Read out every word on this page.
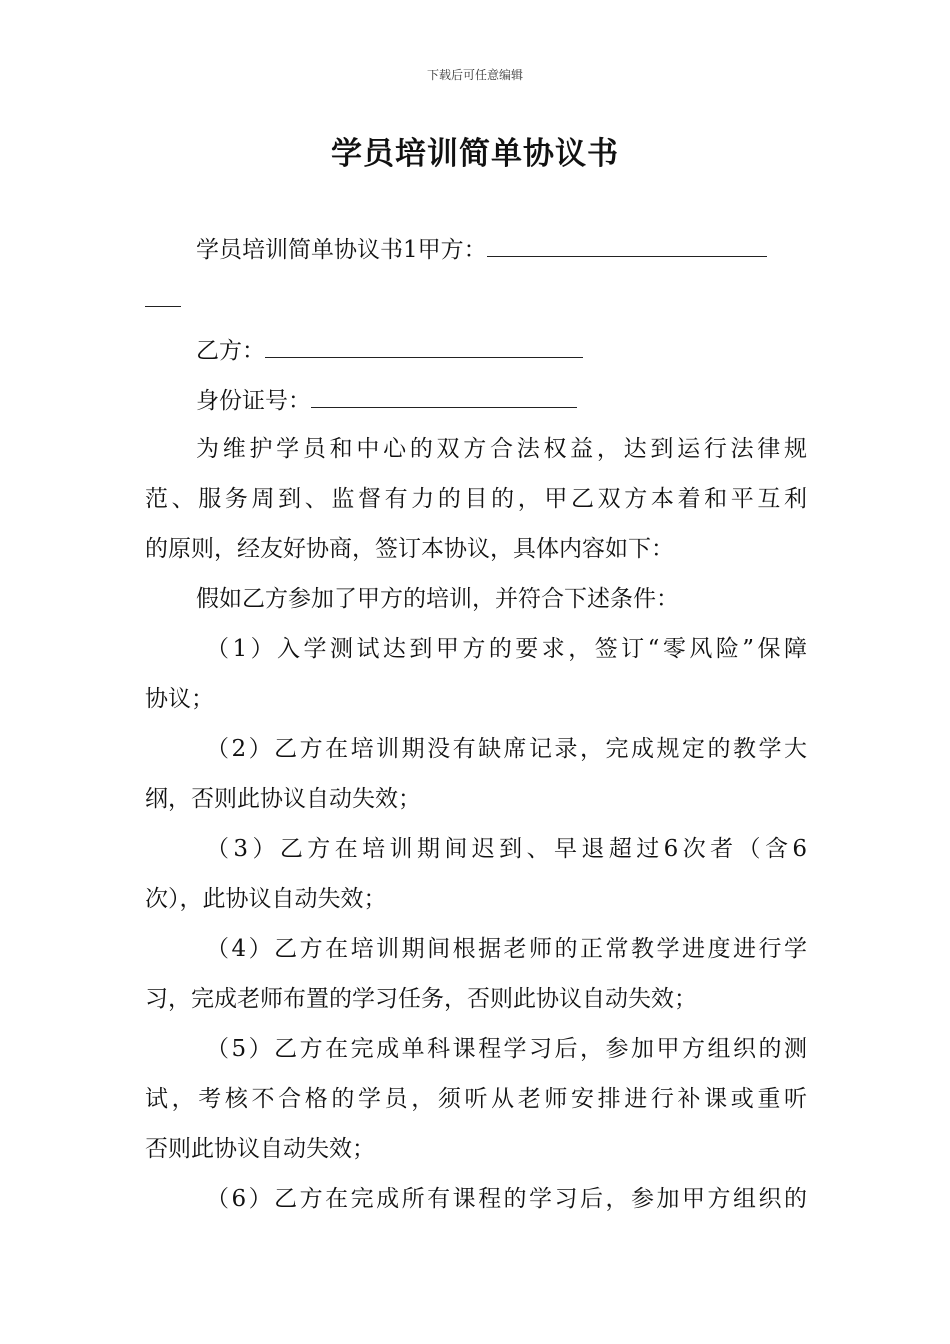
下载后可任意编辑
学员培训简单协议书
学员培训简单协议书1甲方：
乙方：
身份证号：
为维护学员和中心的双方合法权益，达到运行法律规
范、服务周到、监督有力的目的，甲乙双方本着和平互利
的原则，经友好协商，签订本协议，具体内容如下：
假如乙方参加了甲方的培训，并符合下述条件：
（1）入学测试达到甲方的要求，签订“零风险”保障
协议；
（2）乙方在培训期没有缺席记录，完成规定的教学大
纲，否则此协议自动失效；
（3）乙方在培训期间迟到、早退超过6次者（含6
次），此协议自动失效；
（4）乙方在培训期间根据老师的正常教学进度进行学
习，完成老师布置的学习任务，否则此协议自动失效；
（5）乙方在完成单科课程学习后，参加甲方组织的测
试，考核不合格的学员，须听从老师安排进行补课或重听
否则此协议自动失效；
（6）乙方在完成所有课程的学习后，参加甲方组织的
